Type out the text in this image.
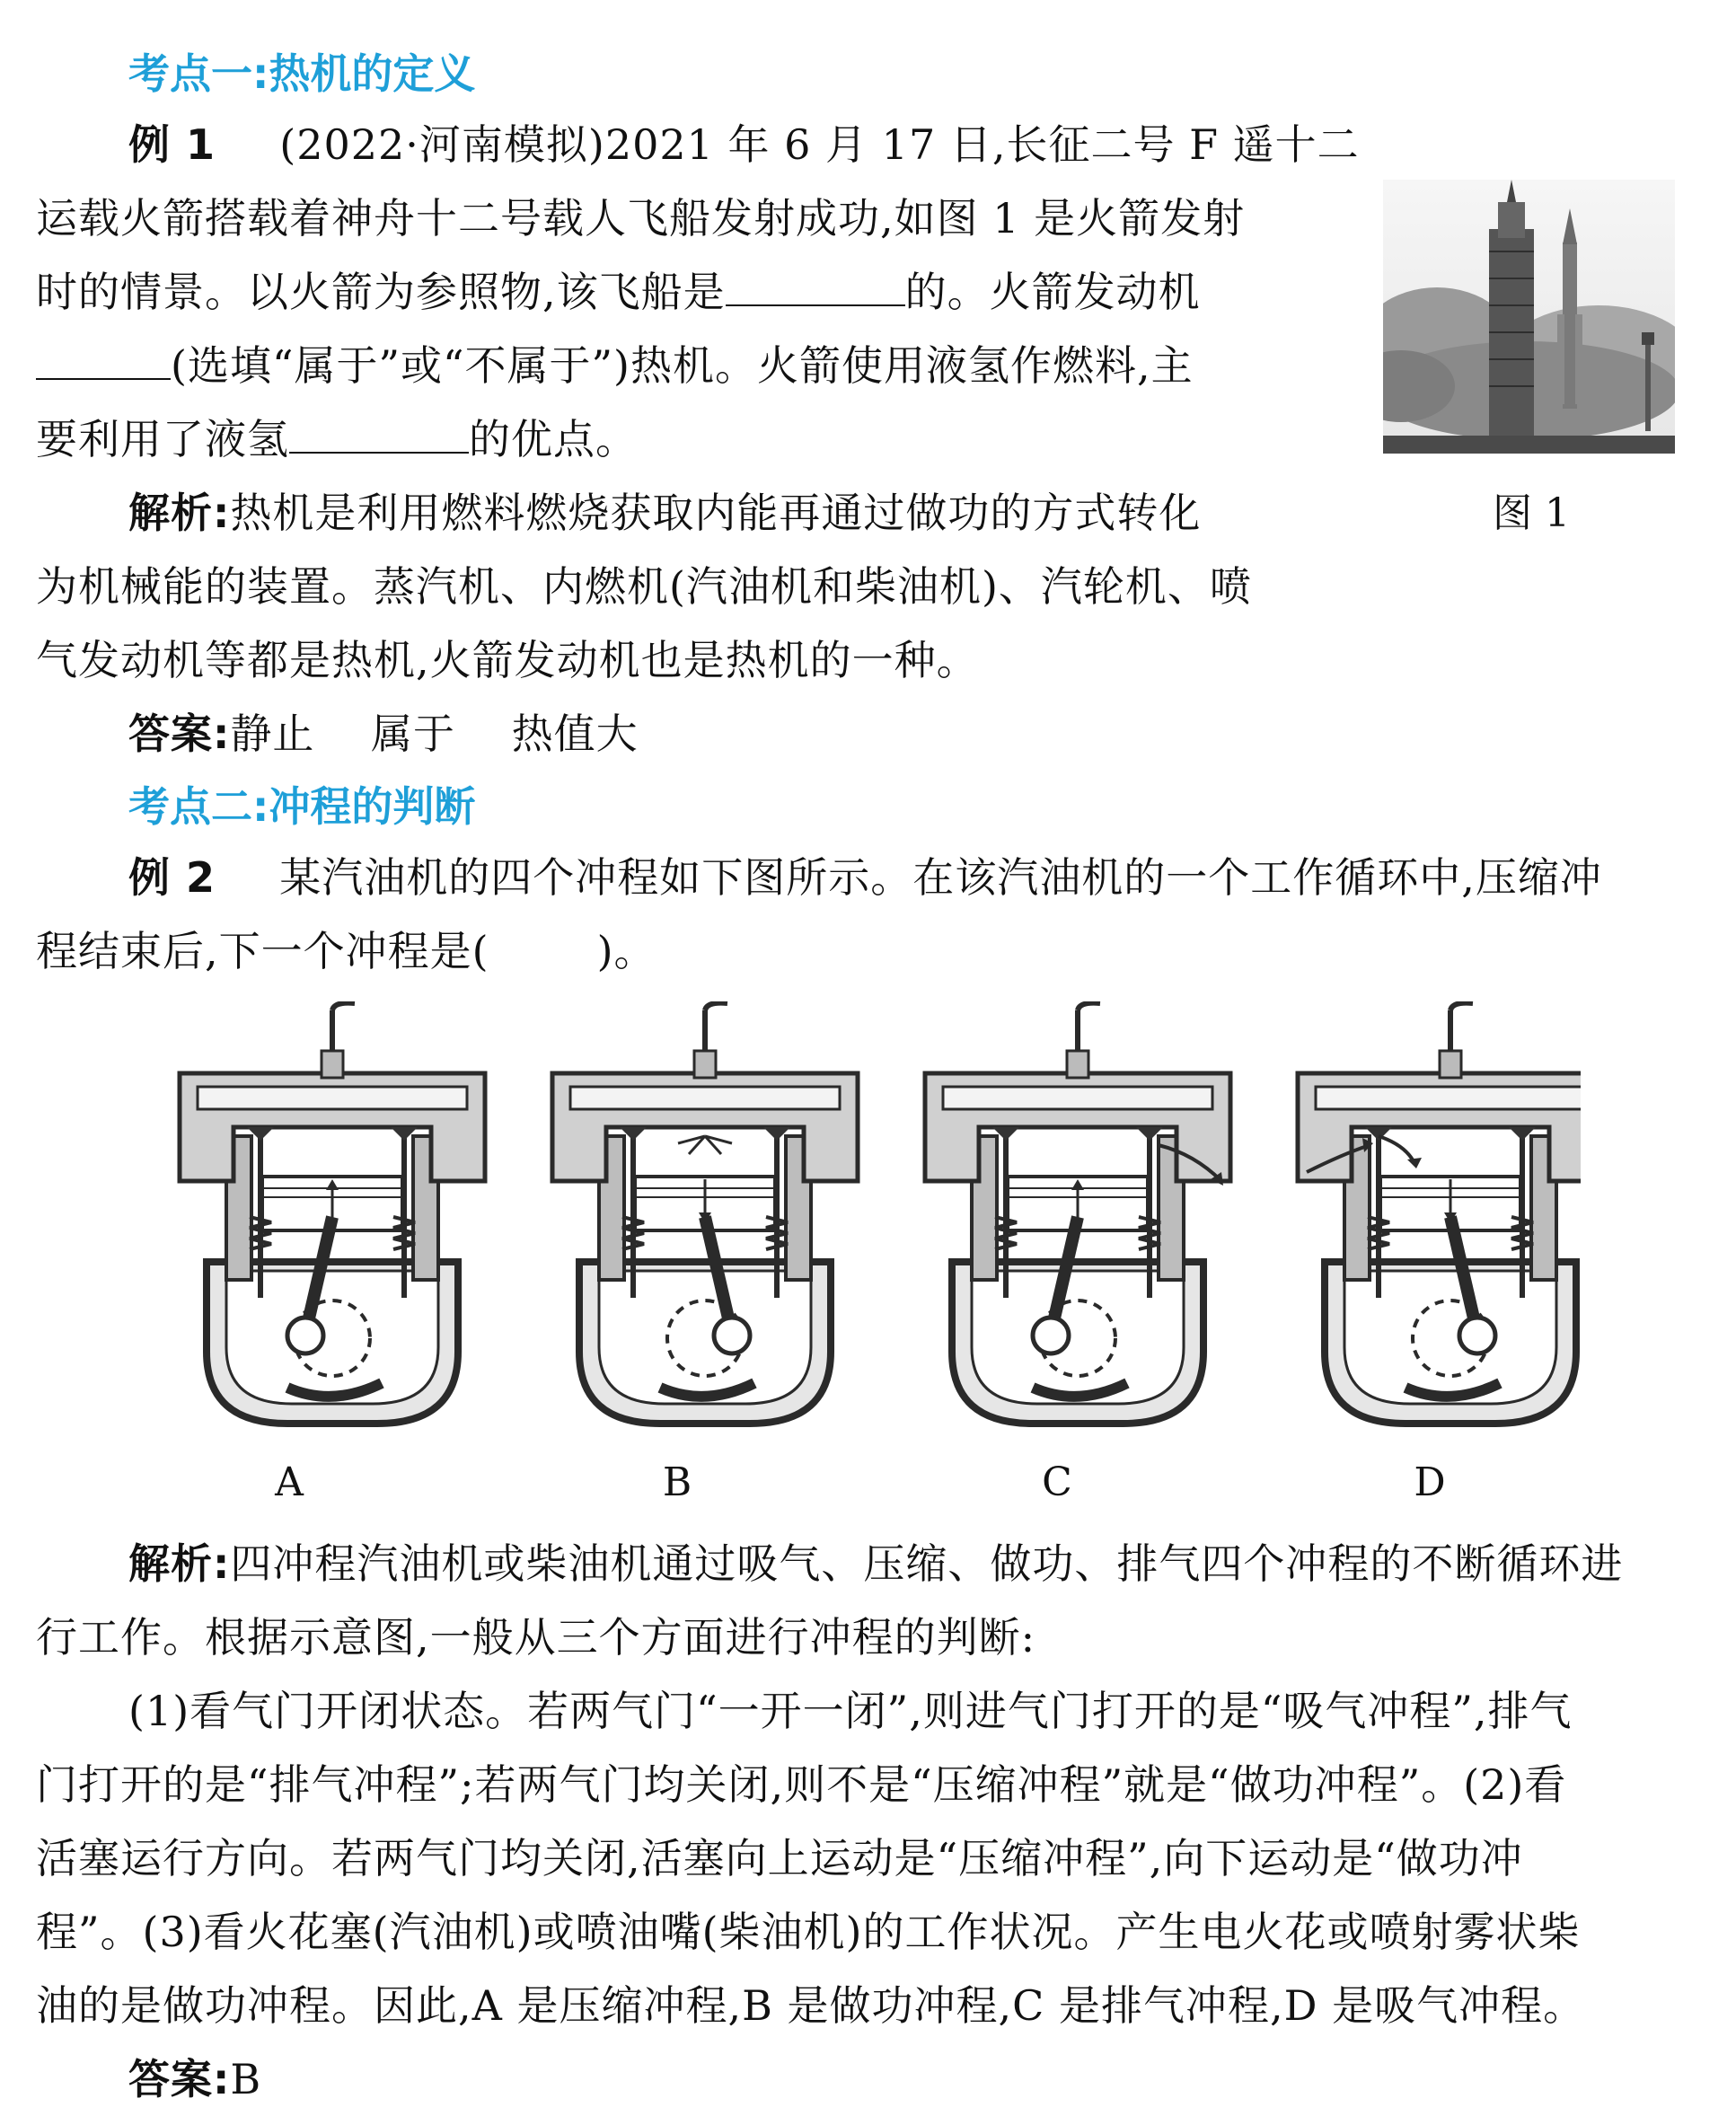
考点一:热机的定义
例 1 (2022·河南模拟)2021 年 6 月 17 日,长征二号 F 遥十二
运载火箭搭载着神舟十二号载人飞船发射成功,如图 1 是火箭发射
时的情景。以火箭为参照物,该飞船是	的。火箭发动机
(选填“属于”或“不属于”)热机。火箭使用液氢作燃料,主
要利用了液氢	的优点。
解析:热机是利用燃料燃烧获取内能再通过做功的方式转化
为机械能的装置。蒸汽机、内燃机(汽油机和柴油机)、汽轮机、喷
气发动机等都是热机,火箭发动机也是热机的一种。
答案:静止　 属于　 热值大
图 1
考点二:冲程的判断
例 2 某汽油机的四个冲程如下图所示。在该汽油机的一个工作循环中,压缩冲
程结束后,下一个冲程是(	)。
A	B	C	D
解析:四冲程汽油机或柴油机通过吸气、压缩、做功、排气四个冲程的不断循环进
行工作。根据示意图,一般从三个方面进行冲程的判断:
(1)看气门开闭状态。若两气门“一开一闭”,则进气门打开的是“吸气冲程”,排气
门打开的是“排气冲程”;若两气门均关闭,则不是“压缩冲程”就是“做功冲程”。(2)看
活塞运行方向。若两气门均关闭,活塞向上运动是“压缩冲程”,向下运动是“做功冲
程”。(3)看火花塞(汽油机)或喷油嘴(柴油机)的工作状况。产生电火花或喷射雾状柴
油的是做功冲程。因此,A 是压缩冲程,B 是做功冲程,C 是排气冲程,D 是吸气冲程。
答案:B
